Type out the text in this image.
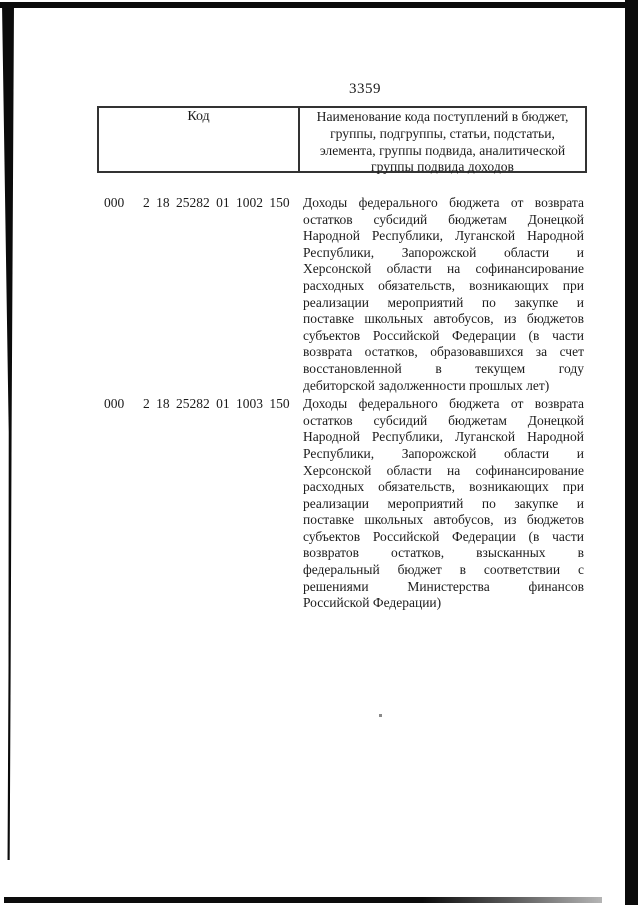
3359
Код	Наименование кода поступлений в бюджет,
группы, подгруппы, статьи, подстатьи,
элемента, группы подвида, аналитической
группы подвида доходов
000 2 18 25282 01 1002 150 Доходы федерального бюджета от возврата
остатков субсидий бюджетам Донецкой
Народной Республики, Луганской Народной
Республики, Запорожской области и
Херсонской области на софинансирование
расходных обязательств, возникающих при
реализации мероприятий по закупке и
поставке школьных автобусов, из бюджетов
субъектов Российской Федерации (в части
возврата остатков, образовавшихся за счет
восстановленной в текущем году
дебиторской задолженности прошлых лет)
000 2 18 25282 01 1003 150 Доходы федерального бюджета от возврата
остатков субсидий бюджетам Донецкой
Народной Республики, Луганской Народной
Республики, Запорожской области и
Херсонской области на софинансирование
расходных обязательств, возникающих при
реализации мероприятий по закупке и
поставке школьных автобусов, из бюджетов
субъектов Российской Федерации (в части
возвратов остатков, взысканных в
федеральный бюджет в соответствии с
решениями Министерства финансов
Российской Федерации)
